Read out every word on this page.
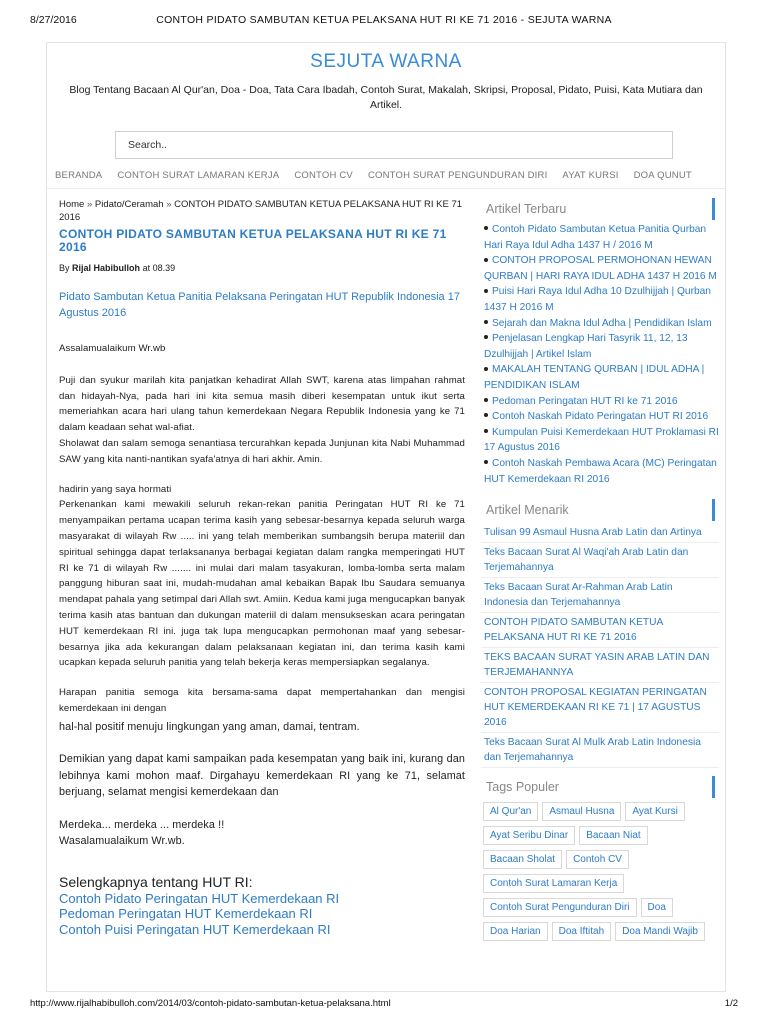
8/27/2016	CONTOH PIDATO SAMBUTAN KETUA PELAKSANA HUT RI KE 71 2016 - SEJUTA WARNA
SEJUTA WARNA
Blog Tentang Bacaan Al Qur'an, Doa - Doa, Tata Cara Ibadah, Contoh Surat, Makalah, Skripsi, Proposal, Pidato, Puisi, Kata Mutiara dan Artikel.
Search..
BERANDA CONTOH SURAT LAMARAN KERJA CONTOH CV CONTOH SURAT PENGUNDURAN DIRI AYAT KURSI DOA QUNUT
Home » Pidato/Ceramah » CONTOH PIDATO SAMBUTAN KETUA PELAKSANA HUT RI KE 71 2016
CONTOH PIDATO SAMBUTAN KETUA PELAKSANA HUT RI KE 71 2016
By Rijal Habibulloh at 08.39
Pidato Sambutan Ketua Panitia Pelaksana Peringatan HUT Republik Indonesia 17 Agustus 2016

Assalamualaikum Wr.wb

Puji dan syukur marilah kita panjatkan kehadirat Allah SWT, karena atas limpahan rahmat dan hidayah-Nya, pada hari ini kita semua masih diberi kesempatan untuk ikut serta memeriahkan acara hari ulang tahun kemerdekaan Negara Republik Indonesia yang ke 71 dalam keadaan sehat wal-afiat.

Sholawat dan salam semoga senantiasa tercurahkan kepada Junjunan kita Nabi Muhammad SAW yang kita nanti-nantikan syafa'atnya di hari akhir. Amin.

hadirin yang saya hormati

Perkenankan kami mewakili seluruh rekan-rekan panitia Peringatan HUT RI ke 71 menyampaikan pertama ucapan terima kasih yang sebesar-besarnya kepada seluruh warga masyarakat di wilayah Rw ..... ini yang telah memberikan sumbangsih berupa materiil dan spiritual sehingga dapat terlaksananya berbagai kegiatan dalam rangka memperingati HUT RI ke 71 di wilayah Rw ....... ini mulai dari malam tasyakuran, lomba-lomba serta malam panggung hiburan saat ini, mudah-mudahan amal kebaikan Bapak Ibu Saudara semuanya mendapat pahala yang setimpal dari Allah swt. Amiin. Kedua kami juga mengucapkan banyak terima kasih atas bantuan dan dukungan materiil di dalam mensukseskan acara peringatan HUT kemerdekaan RI ini. juga tak lupa mengucapkan permohonan maaf yang sebesar-besarnya jika ada kekurangan dalam pelaksanaan kegiatan ini, dan terima kasih kami ucapkan kepada seluruh panitia yang telah bekerja keras mempersiapkan segalanya.

Harapan panitia semoga kita bersama-sama dapat mempertahankan dan mengisi kemerdekaan ini dengan

hal-hal positif menuju lingkungan yang aman, damai, tentram.

Demikian yang dapat kami sampaikan pada kesempatan yang baik ini, kurang dan lebihnya kami mohon maaf. Dirgahayu kemerdekaan RI yang ke 71, selamat berjuang, selamat mengisi kemerdekaan dan

Merdeka... merdeka ... merdeka !!

Wasalamualaikum Wr.wb.

Selengkapnya tentang HUT RI:
Contoh Pidato Peringatan HUT Kemerdekaan RI
Pedoman Peringatan HUT Kemerdekaan RI
Contoh Puisi Peringatan HUT Kemerdekaan RI
Artikel Terbaru
Contoh Pidato Sambutan Ketua Panitia Qurban Hari Raya Idul Adha 1437 H / 2016 M
CONTOH PROPOSAL PERMOHONAN HEWAN QURBAN | HARI RAYA IDUL ADHA 1437 H 2016 M
Puisi Hari Raya Idul Adha 10 Dzulhijjah | Qurban 1437 H 2016 M
Sejarah dan Makna Idul Adha | Pendidikan Islam
Penjelasan Lengkap Hari Tasyrik 11, 12, 13 Dzulhijjah | Artikel Islam
MAKALAH TENTANG QURBAN | IDUL ADHA | PENDIDIKAN ISLAM
Pedoman Peringatan HUT RI ke 71 2016
Contoh Naskah Pidato Peringatan HUT RI 2016
Kumpulan Puisi Kemerdekaan HUT Proklamasi RI 17 Agustus 2016
Contoh Naskah Pembawa Acara (MC) Peringatan HUT Kemerdekaan RI 2016
Artikel Menarik
Tulisan 99 Asmaul Husna Arab Latin dan Artinya
Teks Bacaan Surat Al Waqi'ah Arab Latin dan Terjemahannya
Teks Bacaan Surat Ar-Rahman Arab Latin Indonesia dan Terjemahannya
CONTOH PIDATO SAMBUTAN KETUA PELAKSANA HUT RI KE 71 2016
TEKS BACAAN SURAT YASIN ARAB LATIN DAN TERJEMAHANNYA
CONTOH PROPOSAL KEGIATAN PERINGATAN HUT KEMERDEKAAN RI KE 71 | 17 AGUSTUS 2016
Teks Bacaan Surat Al Mulk Arab Latin Indonesia dan Terjemahannya
Tags Populer
Al Qur'an	Asmaul Husna	Ayat Kursi
Ayat Seribu Dinar	Bacaan Niat
Bacaan Sholat	Contoh CV
Contoh Surat Lamaran Kerja
Contoh Surat Pengunduran Diri	Doa
Doa Harian	Doa Iftitah	Doa Mandi Wajib
http://www.rijalhabibulloh.com/2014/03/contoh-pidato-sambutan-ketua-pelaksana.html	1/2
